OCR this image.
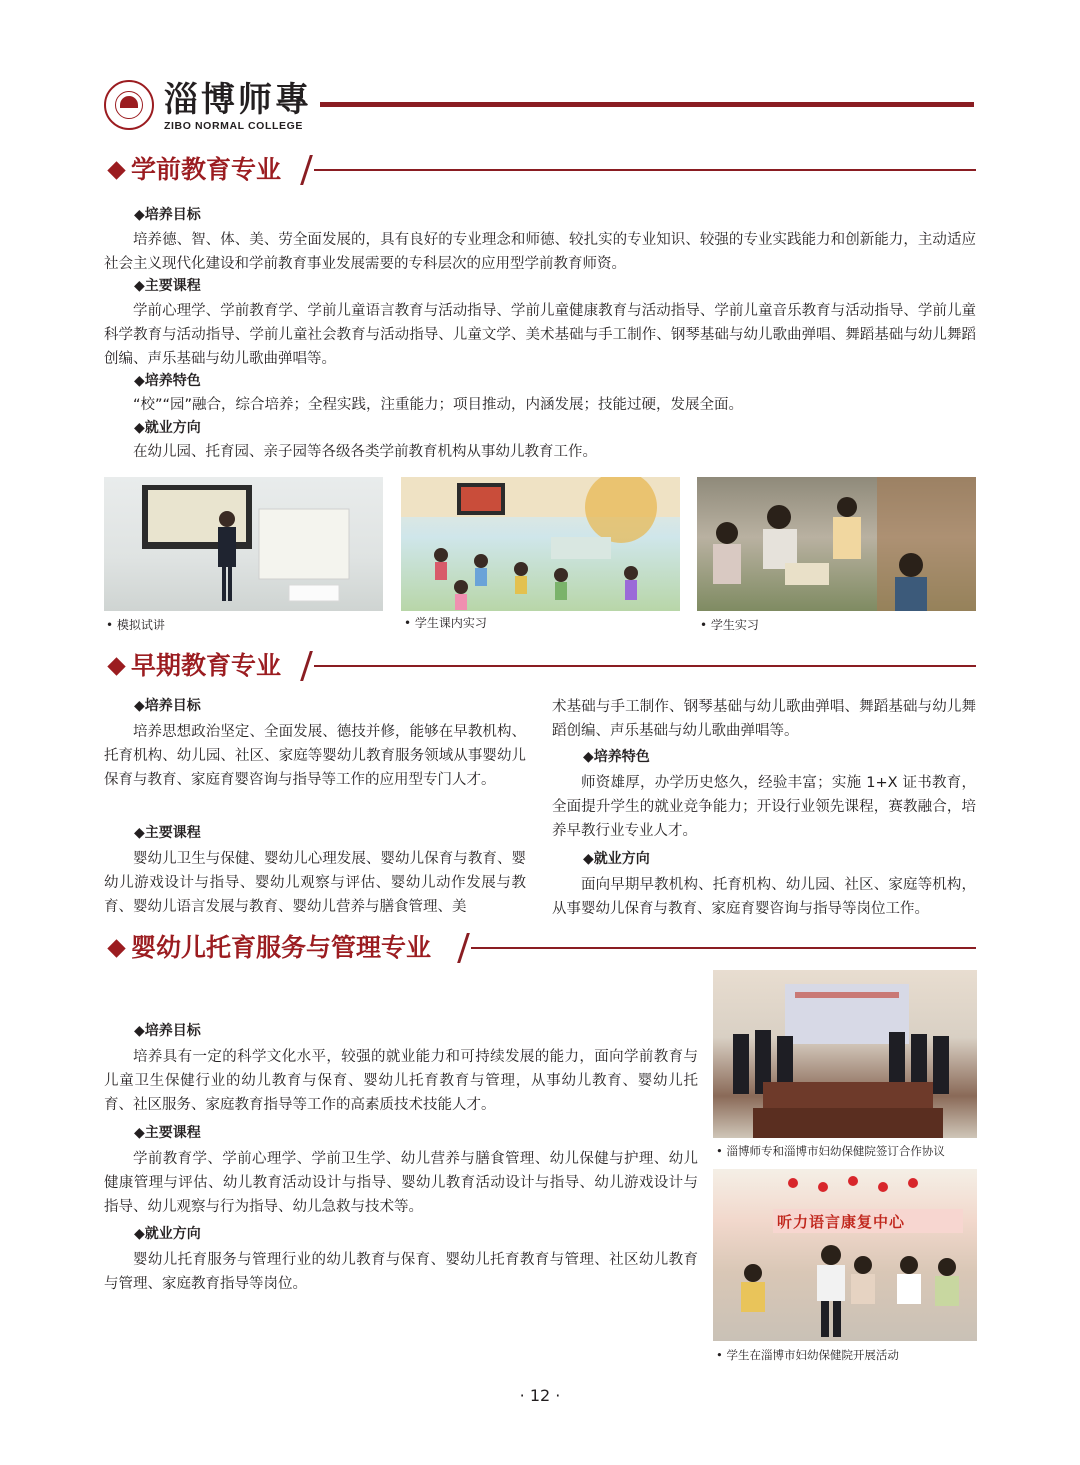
淄博师專
ZIBO NORMAL COLLEGE
学前教育专业
◆培养目标
培养德、智、体、美、劳全面发展的，具有良好的专业理念和师德、较扎实的专业知识、较强的专业实践能力和创新能力，主动适应社会主义现代化建设和学前教育事业发展需要的专科层次的应用型学前教育师资。
◆主要课程
学前心理学、学前教育学、学前儿童语言教育与活动指导、学前儿童健康教育与活动指导、学前儿童音乐教育与活动指导、学前儿童科学教育与活动指导、学前儿童社会教育与活动指导、儿童文学、美术基础与手工制作、钢琴基础与幼儿歌曲弹唱、舞蹈基础与幼儿舞蹈创编、声乐基础与幼儿歌曲弹唱等。
◆培养特色
“校”“园”融合，综合培养；全程实践，注重能力；项目推动，内涵发展；技能过硬，发展全面。
◆就业方向
在幼儿园、托育园、亲子园等各级各类学前教育机构从事幼儿教育工作。
• 模拟试讲	• 学生课内实习	• 学生实习
早期教育专业
◆培养目标
培养思想政治坚定、全面发展、德技并修，能够在早教机构、托育机构、幼儿园、社区、家庭等婴幼儿教育服务领域从事婴幼儿保育与教育、家庭育婴咨询与指导等工作的应用型专门人才。
◆主要课程
婴幼儿卫生与保健、婴幼儿心理发展、婴幼儿保育与教育、婴幼儿游戏设计与指导、婴幼儿观察与评估、婴幼儿动作发展与教育、婴幼儿语言发展与教育、婴幼儿营养与膳食管理、美
术基础与手工制作、钢琴基础与幼儿歌曲弹唱、舞蹈基础与幼儿舞蹈创编、声乐基础与幼儿歌曲弹唱等。
◆培养特色
师资雄厚，办学历史悠久，经验丰富；实施 1+X 证书教育，全面提升学生的就业竞争能力；开设行业领先课程，赛教融合，培养早教行业专业人才。
◆就业方向
面向早期早教机构、托育机构、幼儿园、社区、家庭等机构，从事婴幼儿保育与教育、家庭育婴咨询与指导等岗位工作。
婴幼儿托育服务与管理专业
◆培养目标
培养具有一定的科学文化水平，较强的就业能力和可持续发展的能力，面向学前教育与儿童卫生保健行业的幼儿教育与保育、婴幼儿托育教育与管理，从事幼儿教育、婴幼儿托育、社区服务、家庭教育指导等工作的高素质技术技能人才。
◆主要课程
学前教育学、学前心理学、学前卫生学、幼儿营养与膳食管理、幼儿保健与护理、幼儿健康管理与评估、幼儿教育活动设计与指导、婴幼儿教育活动设计与指导、幼儿游戏设计与指导、幼儿观察与行为指导、幼儿急救与技术等。
◆就业方向
婴幼儿托育服务与管理行业的幼儿教育与保育、婴幼儿托育教育与管理、社区幼儿教育与管理、家庭教育指导等岗位。
• 淄博师专和淄博市妇幼保健院签订合作协议
听力语言康复中心
• 学生在淄博市妇幼保健院开展活动
· 12 ·
